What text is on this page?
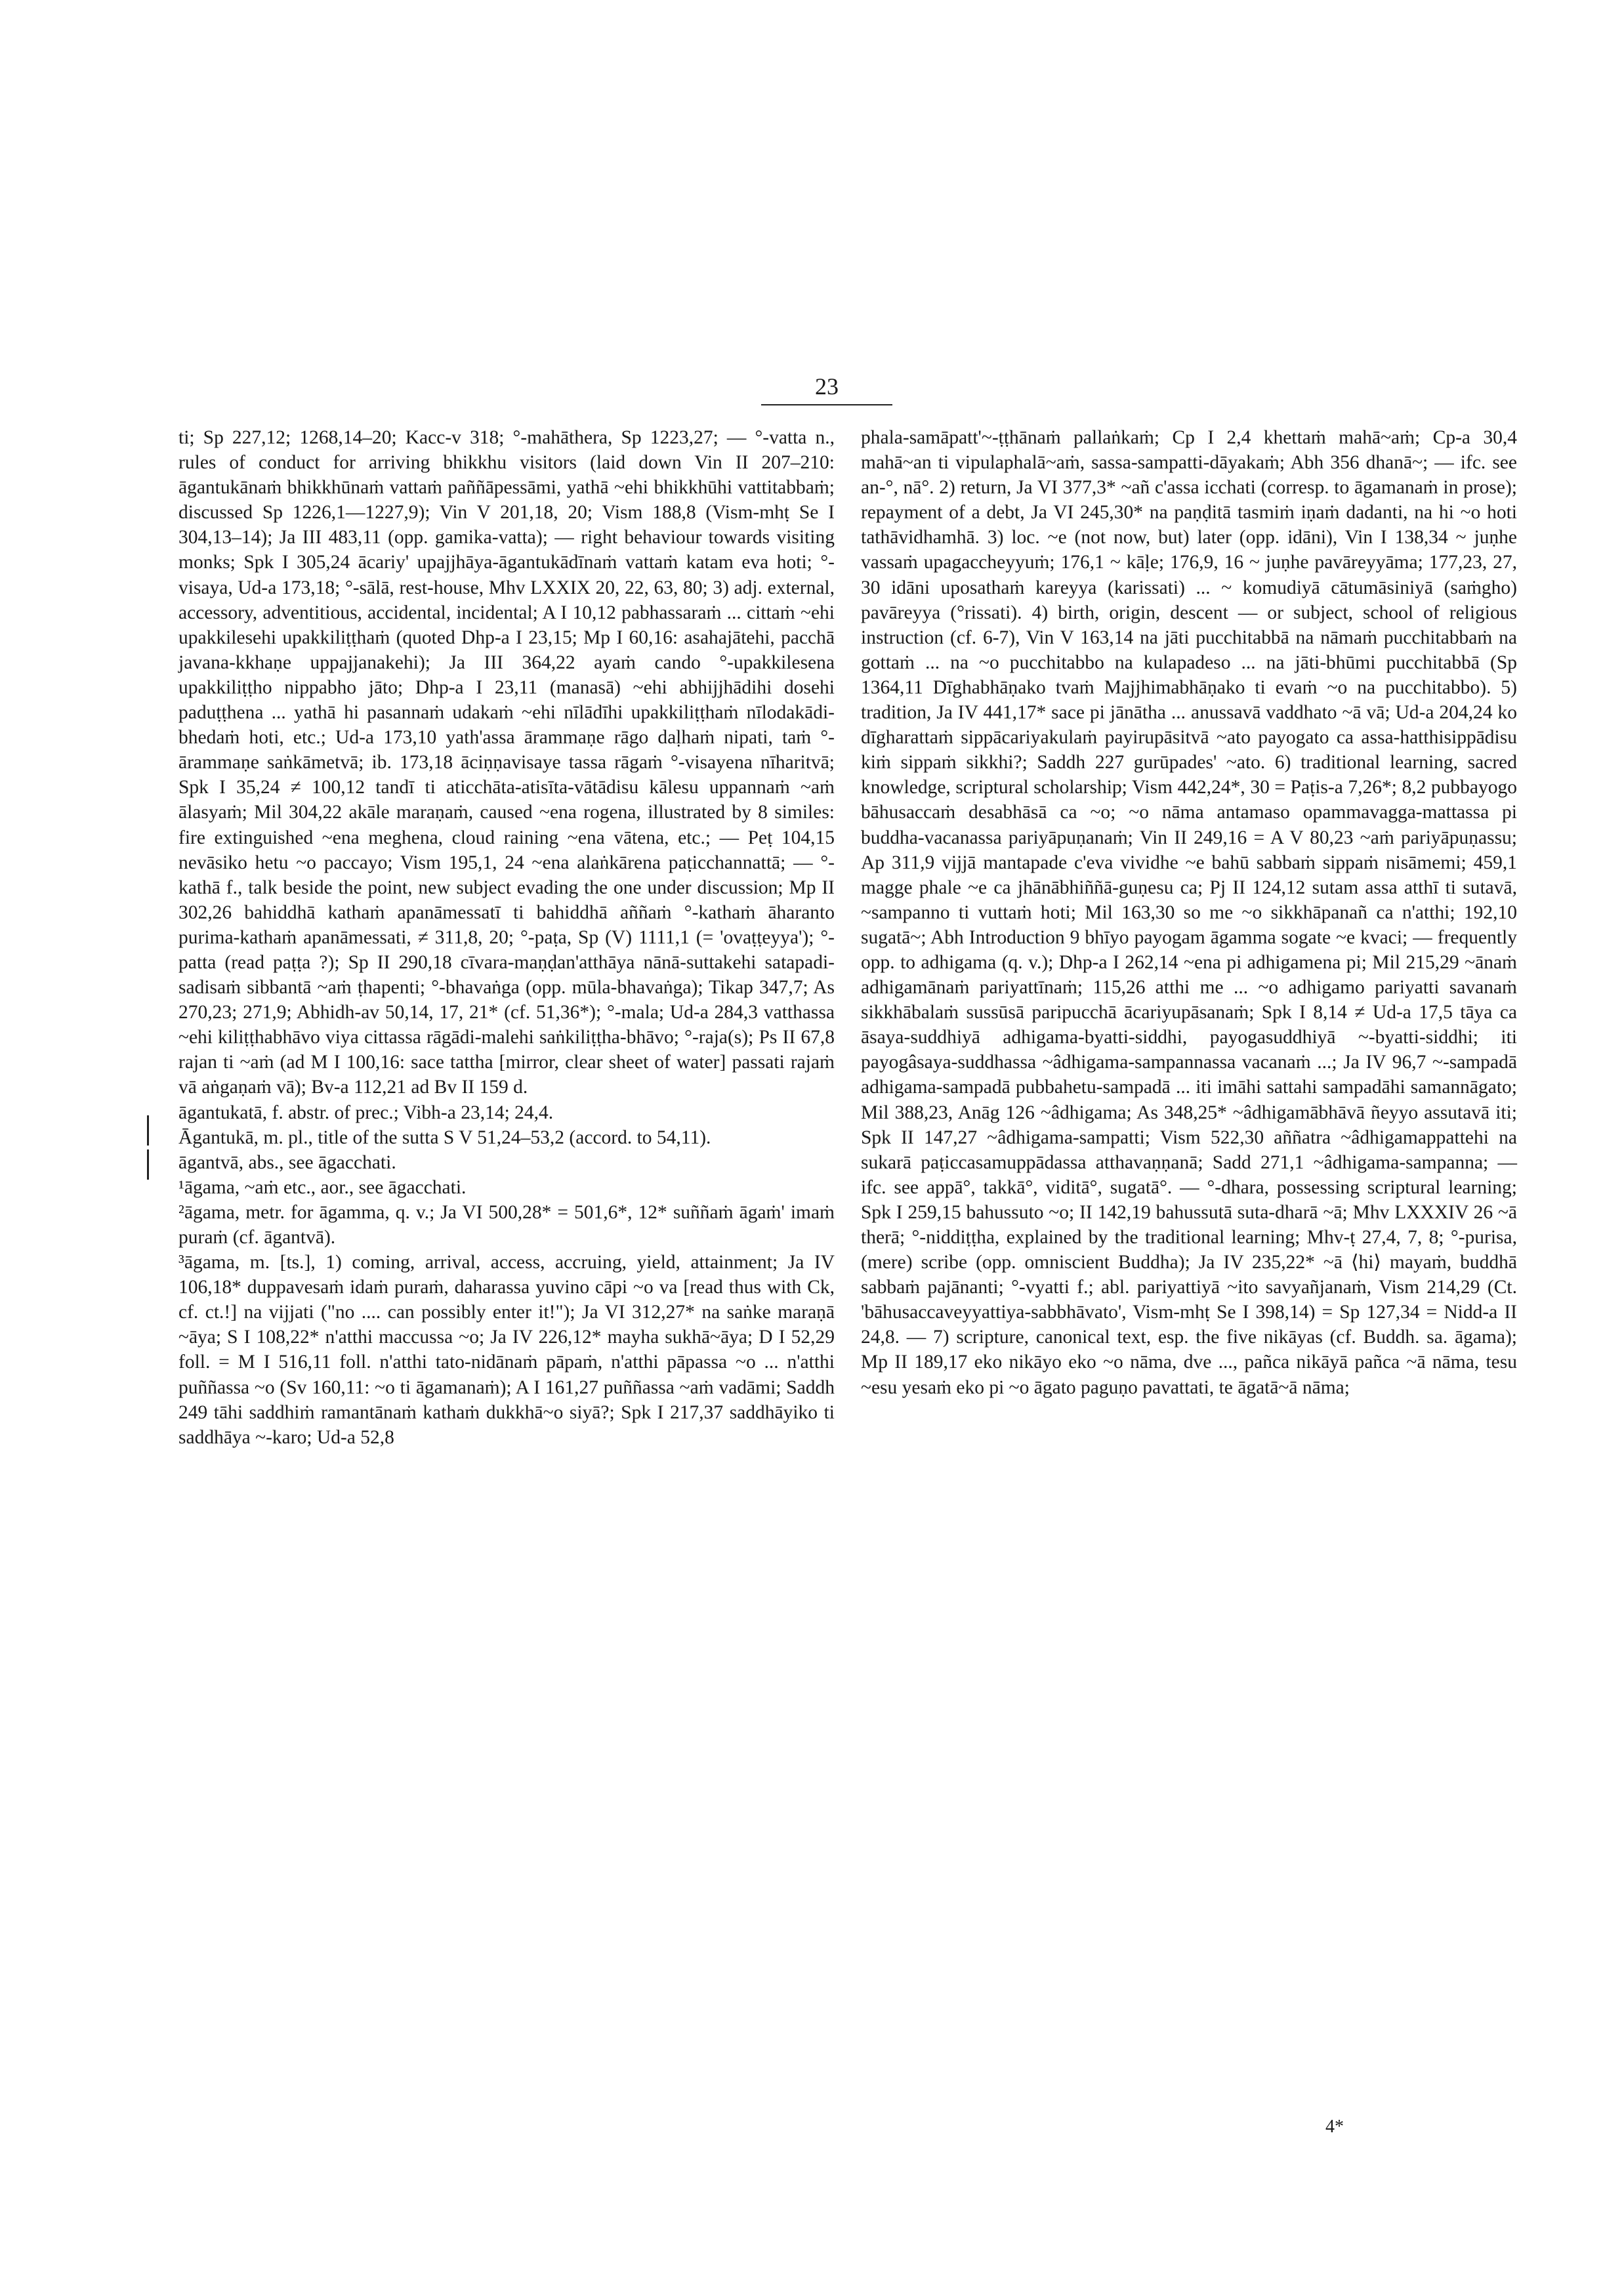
23

ti; Sp 227,12; 1268,14–20; Kacc-v 318; °-mahāthera, Sp 1223,27; — °-vatta n., rules of conduct for arriving bhikkhu visitors (laid down Vin II 207–210: āgantukānaṁ bhikkhūnaṁ vattaṁ paññāpessāmi, yathā ~ehi bhikkhūhi vattitabbaṁ; discussed Sp 1226,1—1227,9); Vin V 201,18, 20; Vism 188,8 (Vism-mhṭ Se I 304,13–14); Ja III 483,11 (opp. gamika-vatta); — right behaviour towards visiting monks; Spk I 305,24 ācariy' upajjhāya-āgantukādīnaṁ vattaṁ katam eva hoti; °-visaya, Ud-a 173,18; °-sālā, rest-house, Mhv LXXIX 20, 22, 63, 80; 3) adj. external, accessory, adventitious, accidental, incidental; A I 10,12 pabhassaraṁ ... cittaṁ ~ehi upakkilesehi upakkiliṭṭhaṁ (quoted Dhp-a I 23,15; Mp I 60,16: asahajātehi, pacchā javana-kkhaṇe uppajjanakehi); Ja III 364,22 ayaṁ cando °-upakkilesena upakkiliṭṭho nippabho jāto; Dhp-a I 23,11 (manasā) ~ehi abhijjhādihi dosehi paduṭṭhena ... yathā hi pasannaṁ udakaṁ ~ehi nīlādīhi upakkiliṭṭhaṁ nīlodakādi-bhedaṁ hoti, etc.; Ud-a 173,10 yath'assa ārammaṇe rāgo daḷhaṁ nipati, taṁ °-ārammaṇe saṅkāmetvā; ib. 173,18 āciṇṇavisaye tassa rāgaṁ °-visayena nīharitvā; Spk I 35,24 ≠ 100,12 tandī ti aticchāta-atisīta-vātādisu kālesu uppannaṁ ~aṁ ālasyaṁ; Mil 304,22 akāle maraṇaṁ, caused ~ena rogena, illustrated by 8 similes: fire extinguished ~ena meghena, cloud raining ~ena vātena, etc.; — Peṭ 104,15 nevāsiko hetu ~o paccayo; Vism 195,1, 24 ~ena alaṅkārena paṭicchannattā; — °-kathā f., talk beside the point, new subject evading the one under discussion; Mp II 302,26 bahiddhā kathaṁ apanāmessatī ti bahiddhā aññaṁ °-kathaṁ āharanto purima-kathaṁ apanāmessati, ≠ 311,8, 20; °-paṭa, Sp (V) 1111,1 (= 'ovaṭṭeyya'); °-patta (read paṭṭa ?); Sp II 290,18 cīvara-maṇḍan'atthāya nānā-suttakehi satapadi-sadisaṁ sibbantā ~aṁ ṭhapenti; °-bhavaṅga (opp. mūla-bhavaṅga); Tikap 347,7; As 270,23; 271,9; Abhidh-av 50,14, 17, 21* (cf. 51,36*); °-mala; Ud-a 284,3 vatthassa ~ehi kiliṭṭhabhāvo viya cittassa rāgādi-malehi saṅkiliṭṭha-bhāvo; °-raja(s); Ps II 67,8 rajan ti ~aṁ (ad M I 100,16: sace tattha [mirror, clear sheet of water] passati rajaṁ vā aṅgaṇaṁ vā); Bv-a 112,21 ad Bv II 159 d.

āgantukatā, f. abstr. of prec.; Vibh-a 23,14; 24,4.

Āgantukā, m. pl., title of the sutta S V 51,24–53,2 (accord. to 54,11).

āgantvā, abs., see āgacchati.

¹āgama, ~aṁ etc., aor., see āgacchati.

²āgama, metr. for āgamma, q. v.; Ja VI 500,28* = 501,6*, 12* suññaṁ āgaṁ' imaṁ puraṁ (cf. āgantvā).

³āgama, m. [ts.], 1) coming, arrival, access, accruing, yield, attainment; Ja IV 106,18* duppavesaṁ idaṁ puraṁ, daharassa yuvino cāpi ~o va [read thus with Ck, cf. ct.!] na vijjati ("no .... can possibly enter it!"); Ja VI 312,27* na saṅke maraṇā ~āya; S I 108,22* n'atthi maccussa ~o; Ja IV 226,12* mayha sukhā~āya; D I 52,29 foll. = M I 516,11 foll. n'atthi tato-nidānaṁ pāpaṁ, n'atthi pāpassa ~o ... n'atthi puññassa ~o (Sv 160,11: ~o ti āgamanaṁ); A I 161,27 puññassa ~aṁ vadāmi; Saddh 249 tāhi saddhiṁ ramantānaṁ kathaṁ dukkhā~o siyā?; Spk I 217,37 saddhāyiko ti saddhāya ~-karo; Ud-a 52,8

phala-samāpatt'~-ṭṭhānaṁ pallaṅkaṁ; Cp I 2,4 khettaṁ mahā~aṁ; Cp-a 30,4 mahā~an ti vipulaphalā~aṁ, sassa-sampatti-dāyakaṁ; Abh 356 dhanā~; — ifc. see an-°, nā°. 2) return, Ja VI 377,3* ~añ c'assa icchati (corresp. to āgamanaṁ in prose); repayment of a debt, Ja VI 245,30* na paṇḍitā tasmiṁ iṇaṁ dadanti, na hi ~o hoti tathāvidhamhā. 3) loc. ~e (not now, but) later (opp. idāni), Vin I 138,34 ~ juṇhe vassaṁ upagaccheyyuṁ; 176,1 ~ kāḷe; 176,9, 16 ~ juṇhe pavāreyyāma; 177,23, 27, 30 idāni uposathaṁ kareyya (karissati) ... ~ komudiyā cātumāsiniyā (saṁgho) pavāreyya (°rissati). 4) birth, origin, descent — or subject, school of religious instruction (cf. 6-7), Vin V 163,14 na jāti pucchitabbā na nāmaṁ pucchitabbaṁ na gottaṁ ... na ~o pucchitabbo na kulapadeso ... na jāti-bhūmi pucchitabbā (Sp 1364,11 Dīghabhāṇako tvaṁ Majjhimabhāṇako ti evaṁ ~o na pucchitabbo). 5) tradition, Ja IV 441,17* sace pi jānātha ... anussavā vaddhato ~ā vā; Ud-a 204,24 ko dīgharattaṁ sippācariyakulaṁ payirupāsitvā ~ato payogato ca assa-hatthisippādisu kiṁ sippaṁ sikkhi?; Saddh 227 gurūpades' ~ato. 6) traditional learning, sacred knowledge, scriptural scholarship; Vism 442,24*, 30 = Paṭis-a 7,26*; 8,2 pubbayogo bāhusaccaṁ desabhāsā ca ~o; ~o nāma antamaso opammavagga-mattassa pi buddha-vacanassa pariyāpuṇanaṁ; Vin II 249,16 = A V 80,23 ~aṁ pariyāpuṇassu; Ap 311,9 vijjā mantapade c'eva vividhe ~e bahū sabbaṁ sippaṁ nisāmemi; 459,1 magge phale ~e ca jhānābhiññā-guṇesu ca; Pj II 124,12 sutam assa atthī ti sutavā, ~sampanno ti vuttaṁ hoti; Mil 163,30 so me ~o sikkhāpanañ ca n'atthi; 192,10 sugatā~; Abh Introduction 9 bhīyo payogam āgamma sogate ~e kvaci; — frequently opp. to adhigama (q. v.); Dhp-a I 262,14 ~ena pi adhigamena pi; Mil 215,29 ~ānaṁ adhigamānaṁ pariyattīnaṁ; 115,26 atthi me ... ~o adhigamo pariyatti savanaṁ sikkhābalaṁ sussūsā paripucchā ācariyupāsanaṁ; Spk I 8,14 ≠ Ud-a 17,5 tāya ca āsaya-suddhiyā adhigama-byatti-siddhi, payogasuddhiyā ~-byatti-siddhi; iti payogâsaya-suddhassa ~âdhigama-sampannassa vacanaṁ ...; Ja IV 96,7 ~-sampadā adhigama-sampadā pubbahetu-sampadā ... iti imāhi sattahi sampadāhi samannāgato; Mil 388,23, Anāg 126 ~âdhigama; As 348,25* ~âdhigamābhāvā ñeyyo assutavā iti; Spk II 147,27 ~âdhigama-sampatti; Vism 522,30 aññatra ~âdhigamappattehi na sukarā paṭiccasamuppādassa atthavaṇṇanā; Sadd 271,1 ~âdhigama-sampanna; — ifc. see appā°, takkā°, viditā°, sugatā°. — °-dhara, possessing scriptural learning; Spk I 259,15 bahussuto ~o; II 142,19 bahussutā suta-dharā ~ā; Mhv LXXXIV 26 ~ā therā; °-niddiṭṭha, explained by the traditional learning; Mhv-ṭ 27,4, 7, 8; °-purisa, (mere) scribe (opp. omniscient Buddha); Ja IV 235,22* ~ā ⟨hi⟩ mayaṁ, buddhā sabbaṁ pajānanti; °-vyatti f.; abl. pariyattiyā ~ito savyañjanaṁ, Vism 214,29 (Ct. 'bāhusaccaveyyattiya-sabbhāvato', Vism-mhṭ Se I 398,14) = Sp 127,34 = Nidd-a II 24,8. — 7) scripture, canonical text, esp. the five nikāyas (cf. Buddh. sa. āgama); Mp II 189,17 eko nikāyo eko ~o nāma, dve ..., pañca nikāyā pañca ~ā nāma, tesu ~esu yesaṁ eko pi ~o āgato paguṇo pavattati, te āgatā~ā nāma;

4*
